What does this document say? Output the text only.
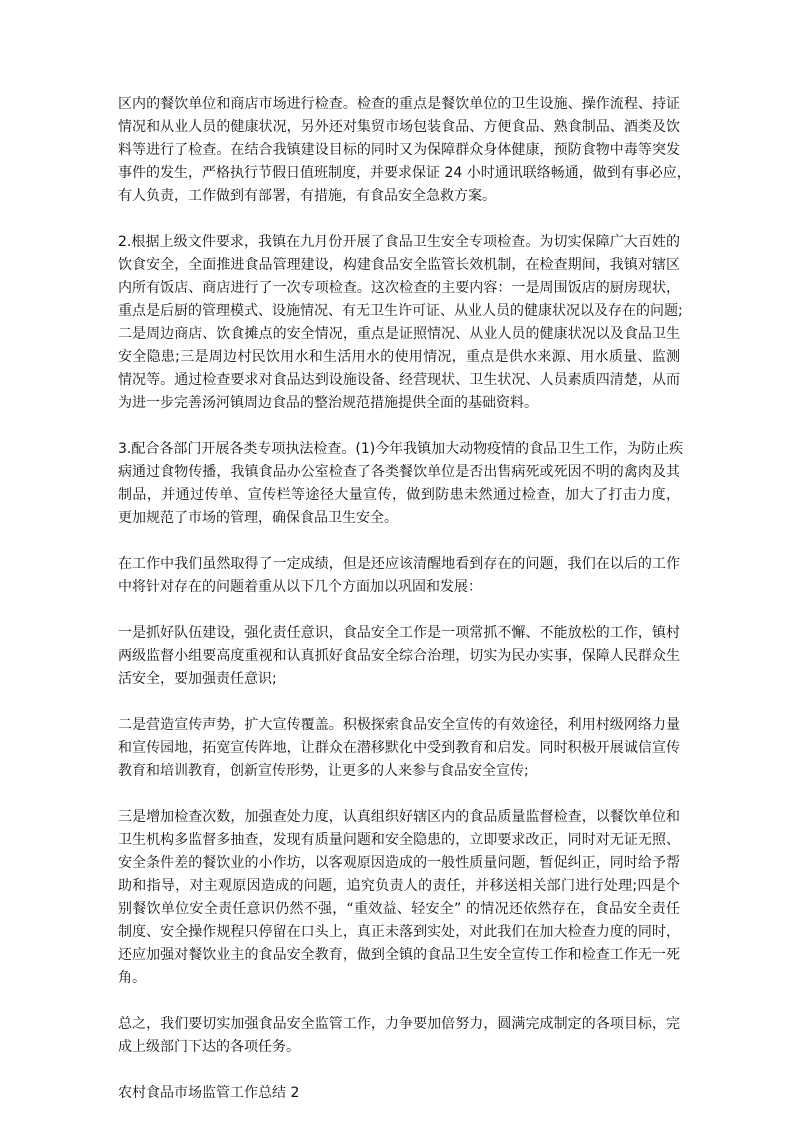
区内的餐饮单位和商店市场进行检查。检查的重点是餐饮单位的卫生设施、操作流程、持证
情况和从业人员的健康状况，另外还对集贸市场包装食品、方便食品、熟食制品、酒类及饮
料等进行了检查。在结合我镇建设目标的同时又为保障群众身体健康，预防食物中毒等突发
事件的发生，严格执行节假日值班制度，并要求保证 24 小时通讯联络畅通，做到有事必应，
有人负责，工作做到有部署，有措施，有食品安全急救方案。
2.根据上级文件要求，我镇在九月份开展了食品卫生安全专项检查。为切实保障广大百姓的
饮食安全，全面推进食品管理建设，构建食品安全监管长效机制，在检查期间，我镇对辖区
内所有饭店、商店进行了一次专项检查。这次检查的主要内容：一是周围饭店的厨房现状，
重点是后厨的管理模式、设施情况、有无卫生许可证、从业人员的健康状况以及存在的问题;
二是周边商店、饮食摊点的安全情况，重点是证照情况、从业人员的健康状况以及食品卫生
安全隐患;三是周边村民饮用水和生活用水的使用情况，重点是供水来源、用水质量、监测
情况等。通过检查要求对食品达到设施设备、经营现状、卫生状况、人员素质四清楚，从而
为进一步完善汤河镇周边食品的整治规范措施提供全面的基础资料。
3.配合各部门开展各类专项执法检查。(1)今年我镇加大动物疫情的食品卫生工作，为防止疾
病通过食物传播，我镇食品办公室检查了各类餐饮单位是否出售病死或死因不明的禽肉及其
制品，并通过传单、宣传栏等途径大量宣传，做到防患未然通过检查，加大了打击力度，
更加规范了市场的管理，确保食品卫生安全。
在工作中我们虽然取得了一定成绩，但是还应该清醒地看到存在的问题，我们在以后的工作
中将针对存在的问题着重从以下几个方面加以巩固和发展：
一是抓好队伍建设，强化责任意识，食品安全工作是一项常抓不懈、不能放松的工作，镇村
两级监督小组要高度重视和认真抓好食品安全综合治理，切实为民办实事，保障人民群众生
活安全，要加强责任意识;
二是营造宣传声势，扩大宣传覆盖。积极探索食品安全宣传的有效途径，利用村级网络力量
和宣传园地，拓宽宣传阵地，让群众在潜移默化中受到教育和启发。同时积极开展诚信宣传
教育和培训教育，创新宣传形势，让更多的人来参与食品安全宣传;
三是增加检查次数，加强查处力度，认真组织好辖区内的食品质量监督检查，以餐饮单位和
卫生机构多监督多抽查，发现有质量问题和安全隐患的，立即要求改正，同时对无证无照、
安全条件差的餐饮业的小作坊，以客观原因造成的一般性质量问题，暂促纠正，同时给予帮
助和指导，对主观原因造成的问题，追究负责人的责任，并移送相关部门进行处理;四是个
别餐饮单位安全责任意识仍然不强，“重效益、轻安全” 的情况还依然存在，食品安全责任
制度、安全操作规程只停留在口头上，真正未落到实处，对此我们在加大检查力度的同时，
还应加强对餐饮业主的食品安全教育，做到全镇的食品卫生安全宣传工作和检查工作无一死
角。
总之，我们要切实加强食品安全监管工作，力争要加倍努力，圆满完成制定的各项目标，完
成上级部门下达的各项任务。

农村食品市场监管工作总结 2
